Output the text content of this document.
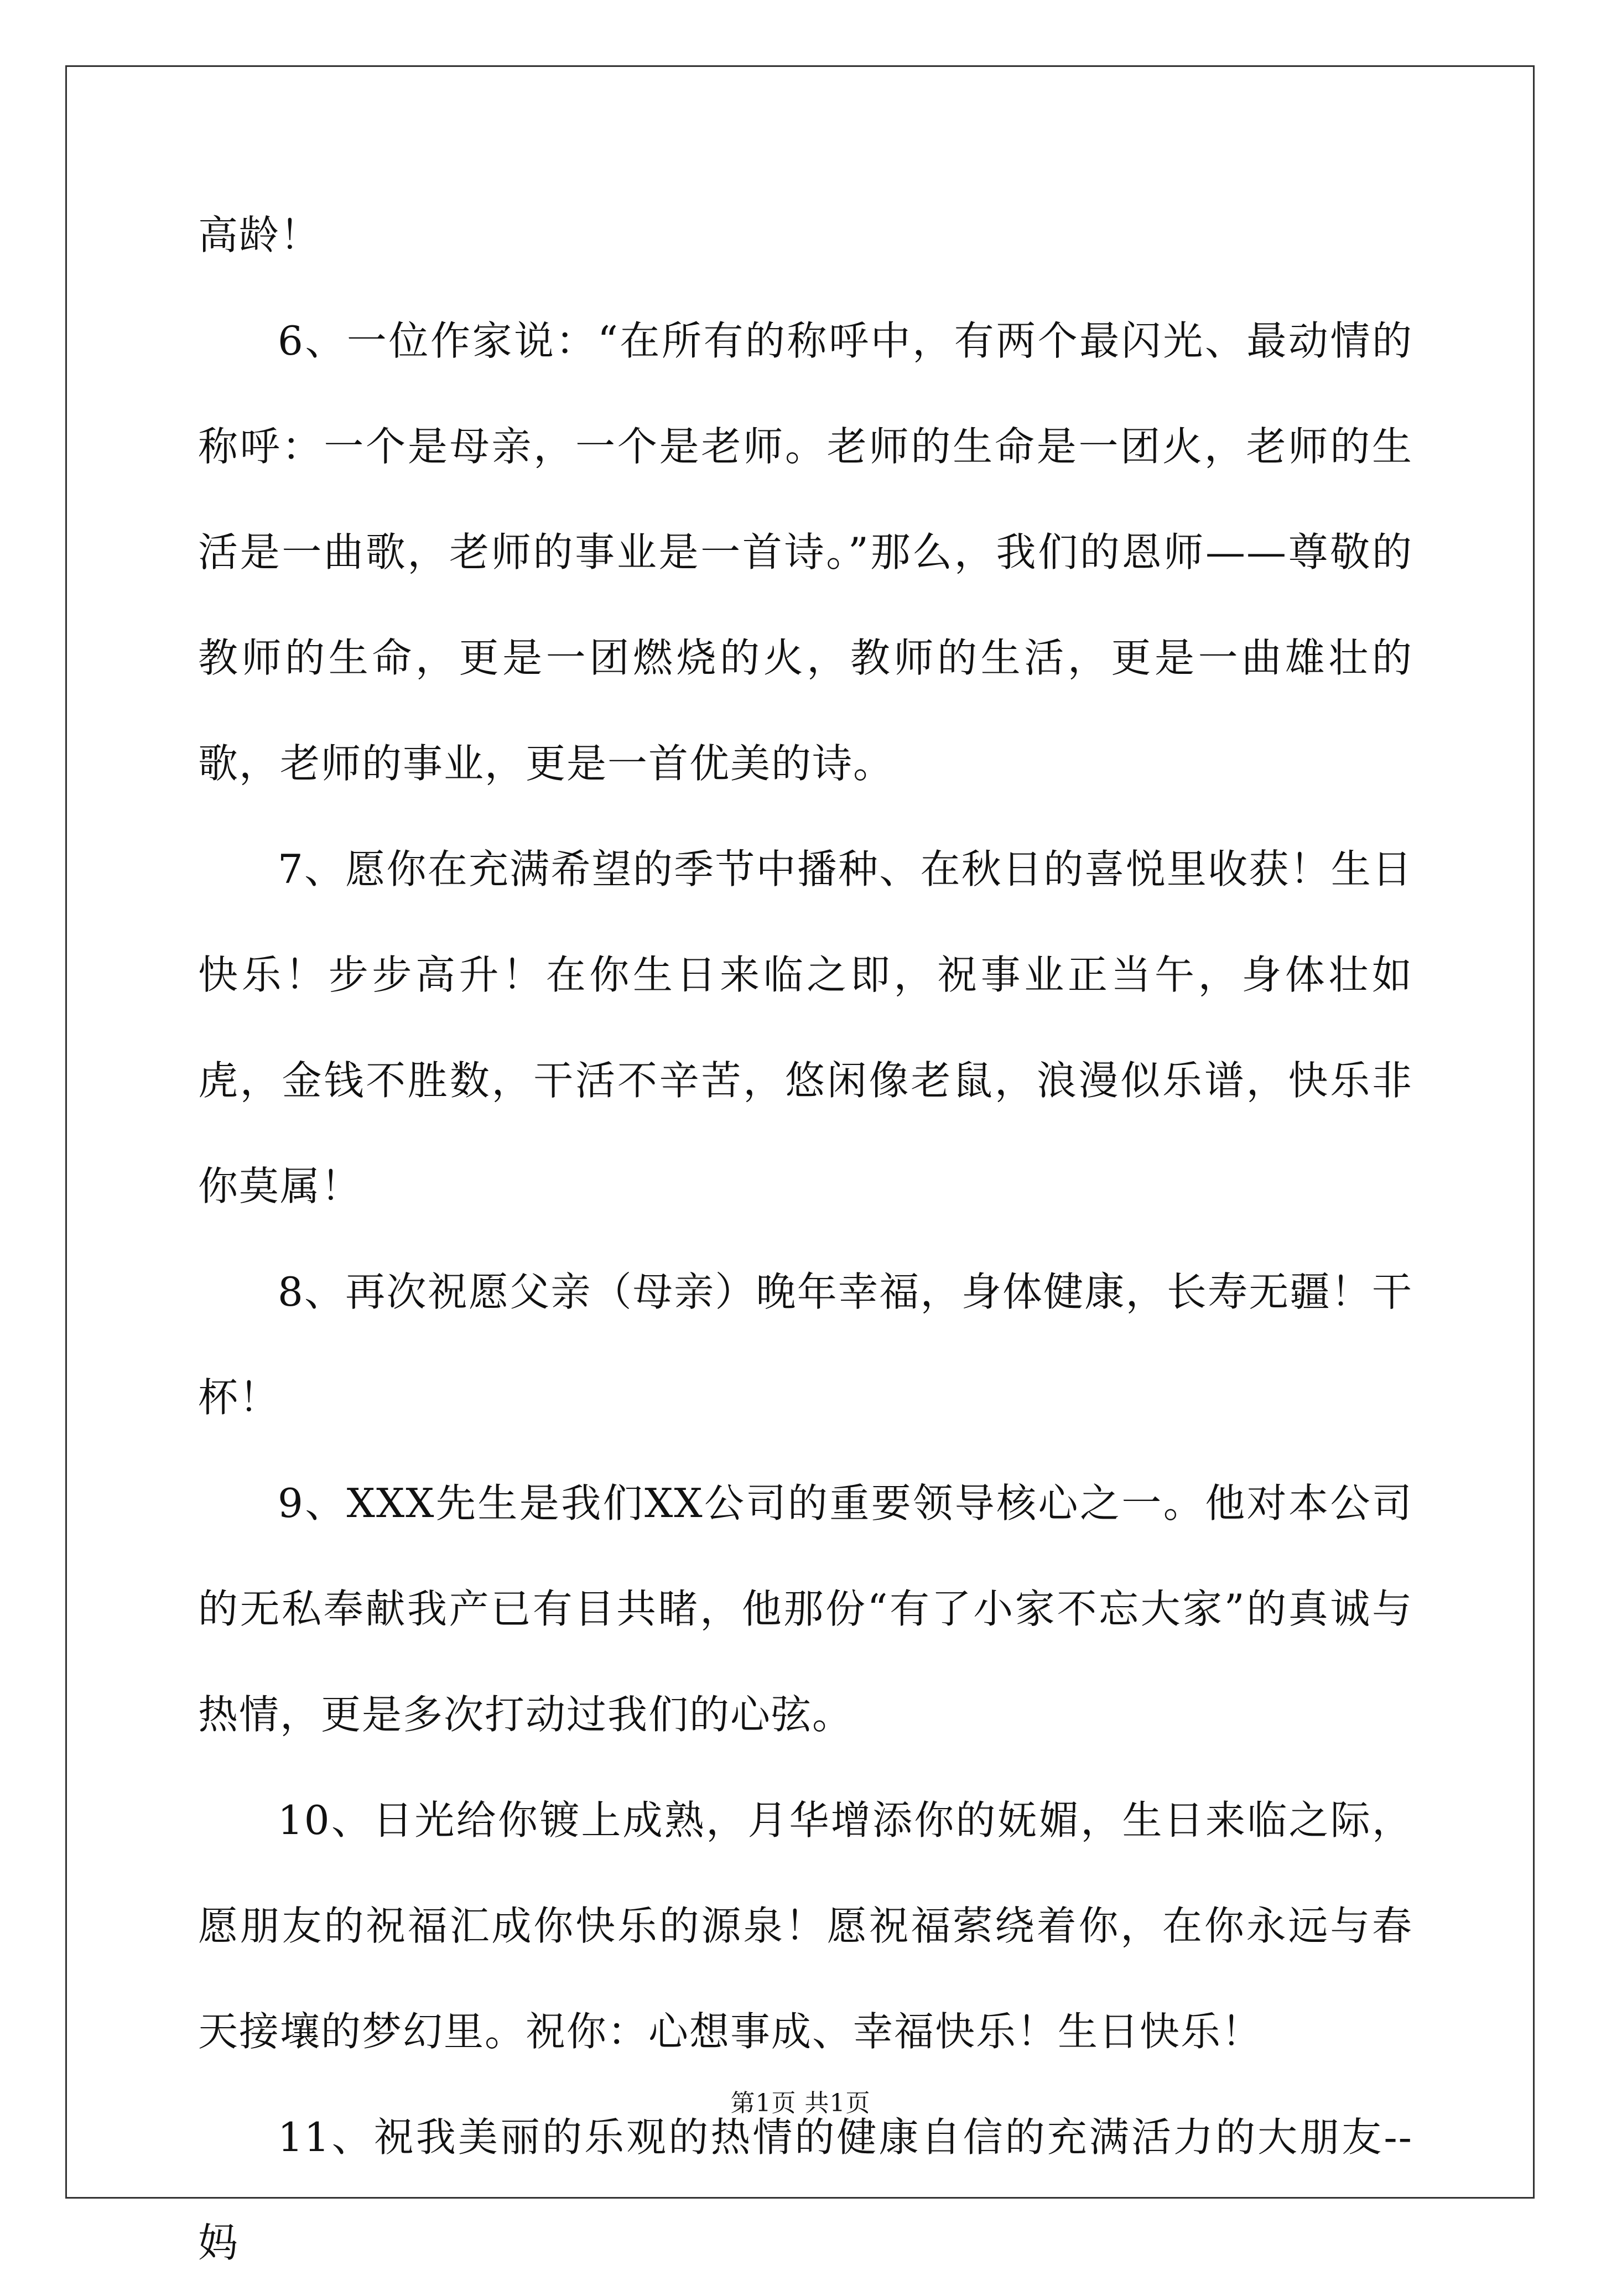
高龄！

6、一位作家说：“在所有的称呼中，有两个最闪光、最动情的称呼：一个是母亲，一个是老师。老师的生命是一团火，老师的生活是一曲歌，老师的事业是一首诗。”那么，我们的恩师——尊敬的教师的生命，更是一团燃烧的火，教师的生活，更是一曲雄壮的歌，老师的事业，更是一首优美的诗。

7、愿你在充满希望的季节中播种、在秋日的喜悦里收获！生日快乐！步步高升！在你生日来临之即，祝事业正当午，身体壮如虎，金钱不胜数，干活不辛苦，悠闲像老鼠，浪漫似乐谱，快乐非你莫属！

8、再次祝愿父亲（母亲）晚年幸福，身体健康，长寿无疆！干杯！

9、XXX先生是我们XX公司的重要领导核心之一。他对本公司的无私奉献我产已有目共睹，他那份“有了小家不忘大家”的真诚与热情，更是多次打动过我们的心弦。

10、日光给你镀上成熟，月华增添你的妩媚，生日来临之际，愿朋友的祝福汇成你快乐的源泉！愿祝福萦绕着你，在你永远与春天接壤的梦幻里。祝你：心想事成、幸福快乐！生日快乐！

11、祝我美丽的乐观的热情的健康自信的充满活力的大朋友--妈

第1页 共1页
